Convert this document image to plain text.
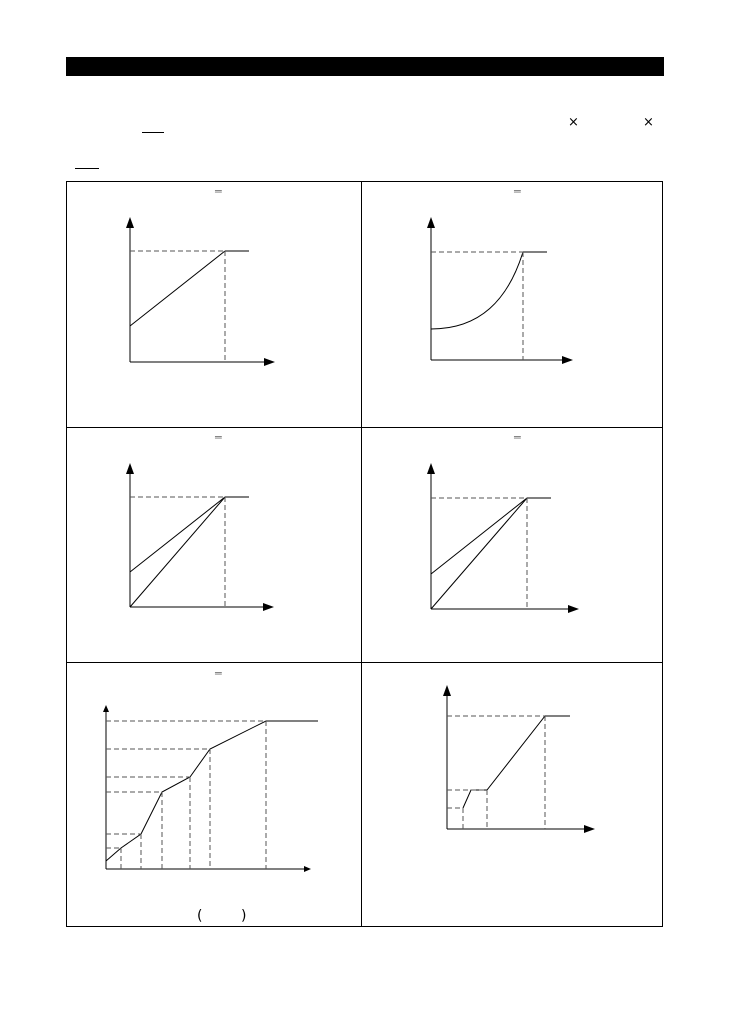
×	×
═	═
═	═
═
(	)
